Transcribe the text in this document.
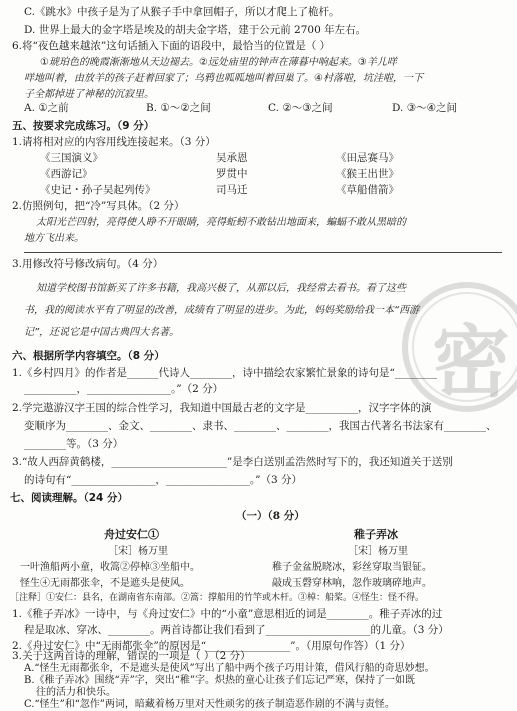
密
C.《跳水》中孩子是为了从猴子手中拿回帽子，所以才爬上了桅杆。
D. 世界上最大的金字塔是埃及的胡夫金字塔，建于公元前 2700 年左右。
6.将“夜色越来越浓”这句话插入下面的语段中，最恰当的位置是（ ）
①琥珀色的晚霞渐渐地从天边褪去。②远处庙里的钟声在薄暮中响起来。③羊儿咩
咩地叫着，由放羊的孩子赶着回家了；乌鸦也呱呱地叫着回巢了。④村落啦，坑洼啦，一下
子全都掉进了神秘的沉寂里。
A. ①之前	B. ①～②之间	C. ②～③之间	D. ③～④之间
五、按要求完成练习。（9 分）
1.请将相对应的内容用线连接起来。（3 分）
《三国演义》
《西游记》
《史记・孙子吴起列传》
吴承恩
罗贯中
司马迁
《田忌赛马》
《猴王出世》
《草船借箭》
2.仿照例句，把“冷”写具体。（2 分）
太阳光芒四射，亮得使人睁不开眼睛，亮得蚯蚓不敢钻出地面来，蝙蝠不敢从黑暗的
地方飞出来。
3.用修改符号修改病句。（4 分）
知道学校图书馆新买了许多书籍，我高兴极了，从那以后，我经常去看书。看了这些
书，我的阅读水平有了明显的改善，成绩有了明显的进步。为此，妈妈奖励给我一本“西游
记”，还说它是中国古典四大名著。
六、根据所学内容填空。（8 分）
1.《乡村四月》的作者是______代诗人________，诗中描绘农家繁忙景象的诗句是“________
__________，________________。”（2 分）
2.学完遨游汉字王国的综合性学习，我知道中国最古老的文字是__________，汉字字体的演
变顺序为________、金文、________、隶书、________、________，我国古代著名书法家有________、
________等。（3 分）
3.“故人西辞黄鹤楼，______________________”是李白送别孟浩然时写下的，我还知道关于送别
的诗句有“________________，________________。”（3 分）
七、阅读理解。（24 分）
（一）（8 分）
舟过安仁①
［宋］杨万里
一叶渔船两小童，收篙②停棹③坐船中。
怪生④无雨都张伞，不是遮头是使风。
稚子弄冰
［宋］杨万里
稚子金盆脱晓冰，彩丝穿取当银钲。
敲成玉磬穿林响，忽作玻璃碎地声。
［注释］①安仁：县名，在湖南省东南部。②篙：撑船用的竹竿或木杆。③棹：船桨。④怪生：怪不得。
1.《稚子弄冰》一诗中，与《舟过安仁》中的“小童”意思相近的词是________。稚子弄冰的过
程是取冰、穿冰、________。两首诗都让我们看到了____________________的儿童。（3 分）
2.《舟过安仁》中“无雨都张伞”的原因是“________________”。（用原句作答）（1 分）
3.关于这两首诗的理解，错误的一项是（ ）（2 分）
A.“怪生无雨都张伞，不是遮头是使风”写出了船中两个孩子巧用计策，借风行船的奇思妙想。
B.《稚子弄冰》围绕“弄”字，突出“稚”字。炽热的童心让孩子们忘记严寒，保持了一如既
往的活力和快乐。
C.“怪生”和“忽作”两词，暗藏着杨万里对天性顽劣的孩子制造恶作剧的不满与责怪。
